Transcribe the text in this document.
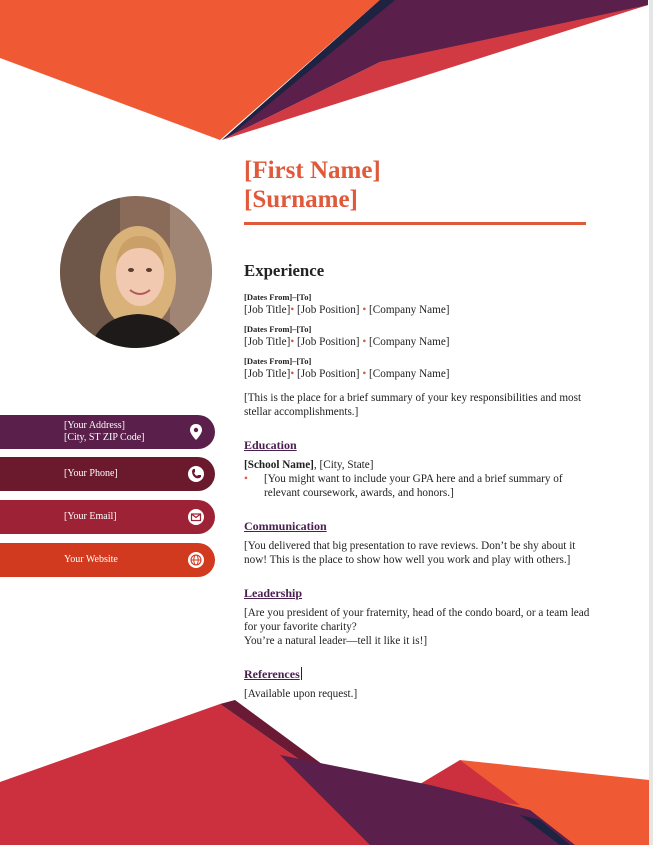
[First Name]
[Surname]
[Your Address]
[City, ST ZIP Code]
[Your Phone]
[Your Email]
Your Website
Experience
[Dates From]–[To]
[Job Title]• [Job Position] • [Company Name]
[Dates From]–[To]
[Job Title]• [Job Position] • [Company Name]
[Dates From]–[To]
[Job Title]• [Job Position] • [Company Name]
[This is the place for a brief summary of your key responsibilities and most stellar accomplishments.]
Education
[School Name], [City, State]
• [You might want to include your GPA here and a brief summary of relevant coursework, awards, and honors.]
Communication
[You delivered that big presentation to rave reviews. Don’t be shy about it now! This is the place to show how well you work and play with others.]
Leadership
[Are you president of your fraternity, head of the condo board, or a team lead for your favorite charity?
You’re a natural leader—tell it like it is!]
References
[Available upon request.]
